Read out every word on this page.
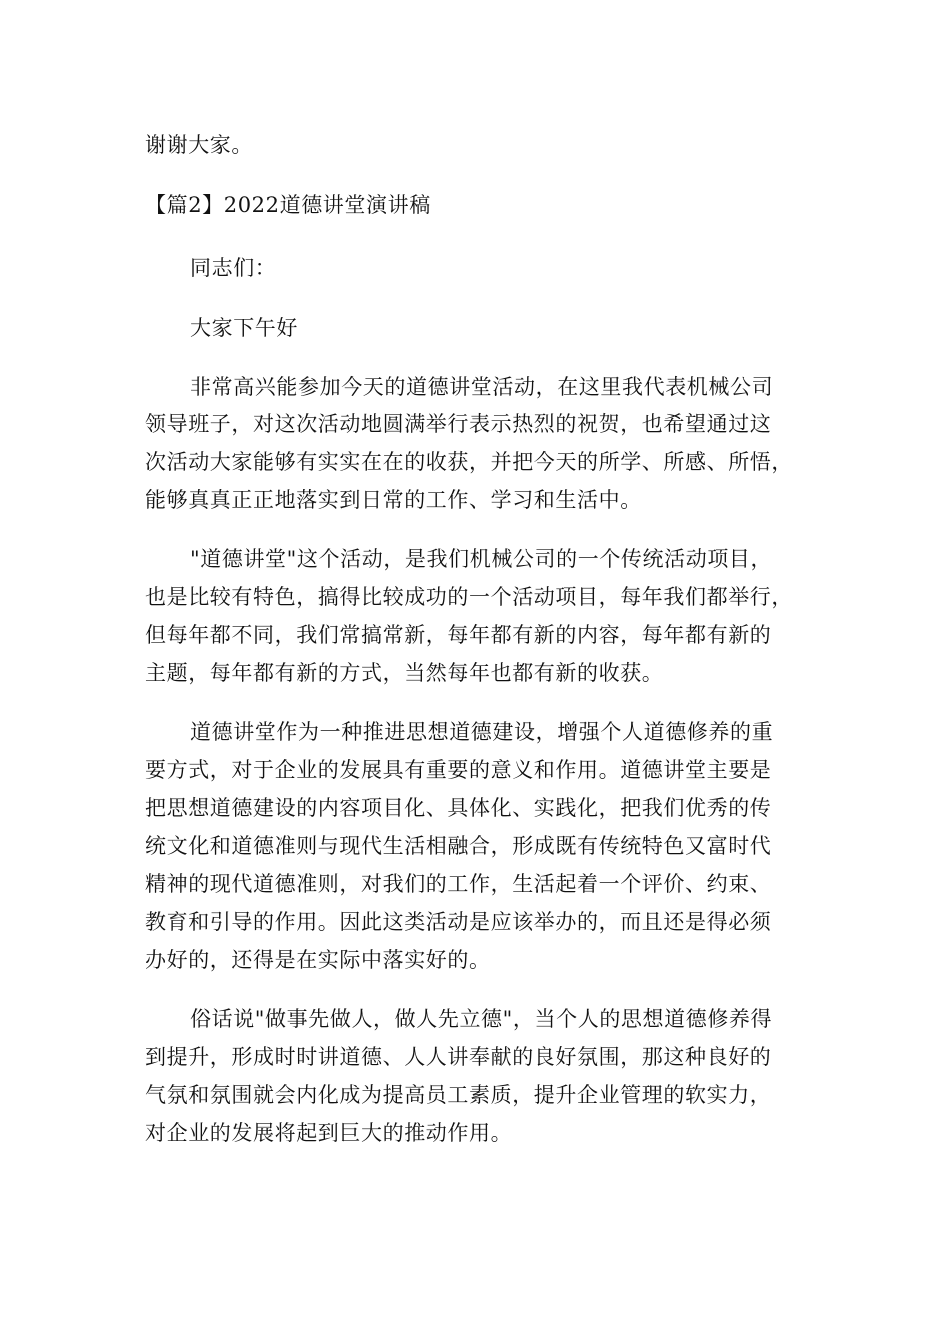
谢谢大家。
【篇2】2022道德讲堂演讲稿
同志们：
大家下午好
非常高兴能参加今天的道德讲堂活动，在这里我代表机械公司
领导班子，对这次活动地圆满举行表示热烈的祝贺，也希望通过这
次活动大家能够有实实在在的收获，并把今天的所学、所感、所悟，
能够真真正正地落实到日常的工作、学习和生活中。
"道德讲堂"这个活动，是我们机械公司的一个传统活动项目，
也是比较有特色，搞得比较成功的一个活动项目，每年我们都举行，
但每年都不同，我们常搞常新，每年都有新的内容，每年都有新的
主题，每年都有新的方式，当然每年也都有新的收获。
道德讲堂作为一种推进思想道德建设，增强个人道德修养的重
要方式，对于企业的发展具有重要的意义和作用。道德讲堂主要是
把思想道德建设的内容项目化、具体化、实践化，把我们优秀的传
统文化和道德准则与现代生活相融合，形成既有传统特色又富时代
精神的现代道德准则，对我们的工作，生活起着一个评价、约束、
教育和引导的作用。因此这类活动是应该举办的，而且还是得必须
办好的，还得是在实际中落实好的。
俗话说"做事先做人，做人先立德"，当个人的思想道德修养得
到提升，形成时时讲道德、人人讲奉献的良好氛围，那这种良好的
气氛和氛围就会内化成为提高员工素质，提升企业管理的软实力，
对企业的发展将起到巨大的推动作用。
